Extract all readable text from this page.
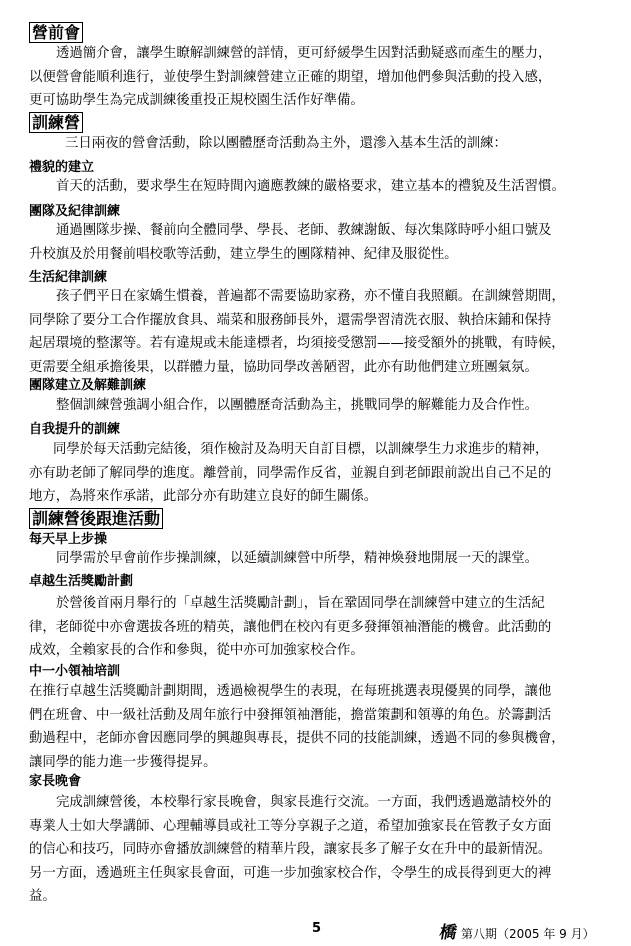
營前會
透過簡介會，讓學生瞭解訓練營的詳情，更可紓緩學生因對活動疑惑而產生的壓力，
以便營會能順利進行，並使學生對訓練營建立正確的期望，增加他們參與活動的投入感，
更可協助學生為完成訓練後重投正規校園生活作好準備。
訓練營
三日兩夜的營會活動，除以團體歷奇活動為主外，還滲入基本生活的訓練：
禮貌的建立
首天的活動，要求學生在短時間內適應教練的嚴格要求，建立基本的禮貌及生活習慣。
團隊及紀律訓練
通過團隊步操、餐前向全體同學、學長、老師、教練謝飯、每次集隊時呼小組口號及
升校旗及於用餐前唱校歌等活動，建立學生的團隊精神、紀律及服從性。
生活紀律訓練
孩子們平日在家嬌生慣養，普遍都不需要協助家務，亦不懂自我照顧。在訓練營期間，
同學除了要分工合作擺放食具、端菜和服務師長外，還需學習清洗衣服、執拾床鋪和保持
起居環境的整潔等。若有違規或未能達標者，均須接受懲罰——接受額外的挑戰，有時候，
更需要全組承擔後果，以群體力量，協助同學改善陋習，此亦有助他們建立班團氣氛。
團隊建立及解難訓練
整個訓練營強調小組合作，以團體歷奇活動為主，挑戰同學的解難能力及合作性。
自我提升的訓練
同學於每天活動完結後，須作檢討及為明天自訂目標，以訓練學生力求進步的精神，
亦有助老師了解同學的進度。離營前，同學需作反省，並親自到老師跟前說出自己不足的
地方，為將來作承諾，此部分亦有助建立良好的師生關係。
訓練營後跟進活動
每天早上步操
同學需於早會前作步操訓練，以延續訓練營中所學，精神煥發地開展一天的課堂。
卓越生活獎勵計劃
於營後首兩月舉行的「卓越生活獎勵計劃」，旨在鞏固同學在訓練營中建立的生活紀
律，老師從中亦會選拔各班的精英，讓他們在校內有更多發揮領袖潛能的機會。此活動的
成效，全賴家長的合作和參與，從中亦可加強家校合作。
中一小領袖培訓
在推行卓越生活獎勵計劃期間，透過檢視學生的表現，在每班挑選表現優異的同學，讓他
們在班會、中一級社活動及周年旅行中發揮領袖潛能，擔當策劃和領導的角色。於籌劃活
動過程中，老師亦會因應同學的興趣與專長，提供不同的技能訓練，透過不同的參與機會，
讓同學的能力進一步獲得提昇。
家長晚會
完成訓練營後，本校舉行家長晚會，與家長進行交流。一方面，我們透過邀請校外的
專業人士如大學講師、心理輔導員或社工等分享親子之道，希望加強家長在管教子女方面
的信心和技巧，同時亦會播放訓練營的精華片段，讓家長多了解子女在升中的最新情況。
另一方面，透過班主任與家長會面，可進一步加強家校合作，令學生的成長得到更大的裨
益。
5	橋 第八期（2005 年 9 月）
